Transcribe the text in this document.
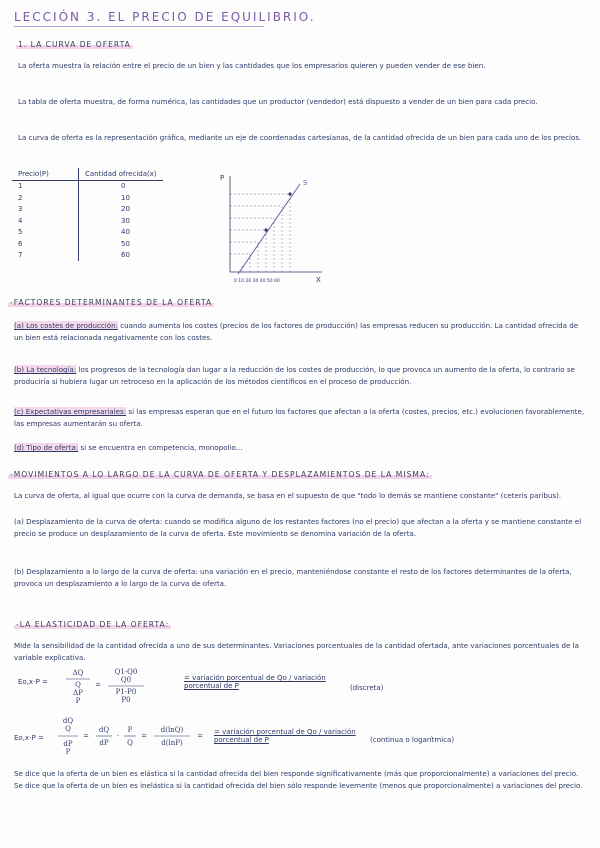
LECCIÓN 3. EL PRECIO DE EQUILIBRIO.
1. LA CURVA DE OFERTA
La oferta muestra la relación entre el precio de un bien y las cantidades que los empresarios quieren y pueden vender de ese bien.
La tabla de oferta muestra, de forma numérica, las cantidades que un productor (vendedor) está dispuesto a vender de un bien para cada precio.
La curva de oferta es la representación gráfica, mediante un eje de coordenadas cartesianas, de la cantidad ofrecida de un bien para cada uno de los precios.
Precio(P)	Cantidad ofrecida(x)
1	0
2	10
3	20
4	30
5	40
6	50
7	60
S
P
X
0 10 20 30 40 50 60
-FACTORES DETERMINANTES DE LA OFERTA
(a) Los costes de producción: cuando aumenta los costes (precios de los factores de producción) las empresas reducen su producción. La cantidad ofrecida de un bien está relacionada negativamente con los costes.
(b) La tecnología: los progresos de la tecnología dan lugar a la reducción de los costes de producción, lo que provoca un aumento de la oferta, lo contrario se produciría si hubiera lugar un retroceso en la aplicación de los métodos científicos en el proceso de producción.
(c) Expectativas empresariales: si las empresas esperan que en el futuro los factores que afectan a la oferta (costes, precios, etc.) evolucionen favorablemente, las empresas aumentarán su oferta.
(d) Tipo de oferta: si se encuentra en competencia, monopolio...
-MOVIMIENTOS A LO LARGO DE LA CURVA DE OFERTA Y DESPLAZAMIENTOS DE LA MISMA:
La curva de oferta, al igual que ocurre con la curva de demanda, se basa en el supuesto de que "todo lo demás se mantiene constante" (ceteris paribus).
(a) Desplazamiento de la curva de oferta: cuando se modifica alguno de los restantes factores (no el precio) que afectan a la oferta y se mantiene constante el precio se produce un desplazamiento de la curva de oferta. Este movimiento se denomina variación de la oferta.
(b) Desplazamiento a lo largo de la curva de oferta: una variación en el precio, manteniéndose constante el resto de los factores determinantes de la oferta, provoca un desplazamiento a lo largo de la curva de oferta.
-LA ELASTICIDAD DE LA OFERTA:
Mide la sensibilidad de la cantidad ofrecida a uno de sus determinantes. Variaciones porcentuales de la cantidad ofertada, ante variaciones porcentuales de la variable explicativa.
Eo,x-P =
ΔQ
Q
ΔP
P
=
Q1-Q0
Q0
P1-P0
P0
= variación porcentual de Qo / variación porcentual de P	(discreta)
Eo,x-P =
dQ
Q
dP
P
=
dQ
dP
·
P
Q
=
d(lnQ)
d(lnP)
= = variación porcentual de Qo / variación porcentual de P	(continua o logarítmica)
Se dice que la oferta de un bien es elástica si la cantidad ofrecida del bien responde significativamente (más que proporcionalmente) a variaciones del precio. Se dice que la oferta de un bien es inelástica si la cantidad ofrecida del bien sólo responde levemente (menos que proporcionalmente) a variaciones del precio.
